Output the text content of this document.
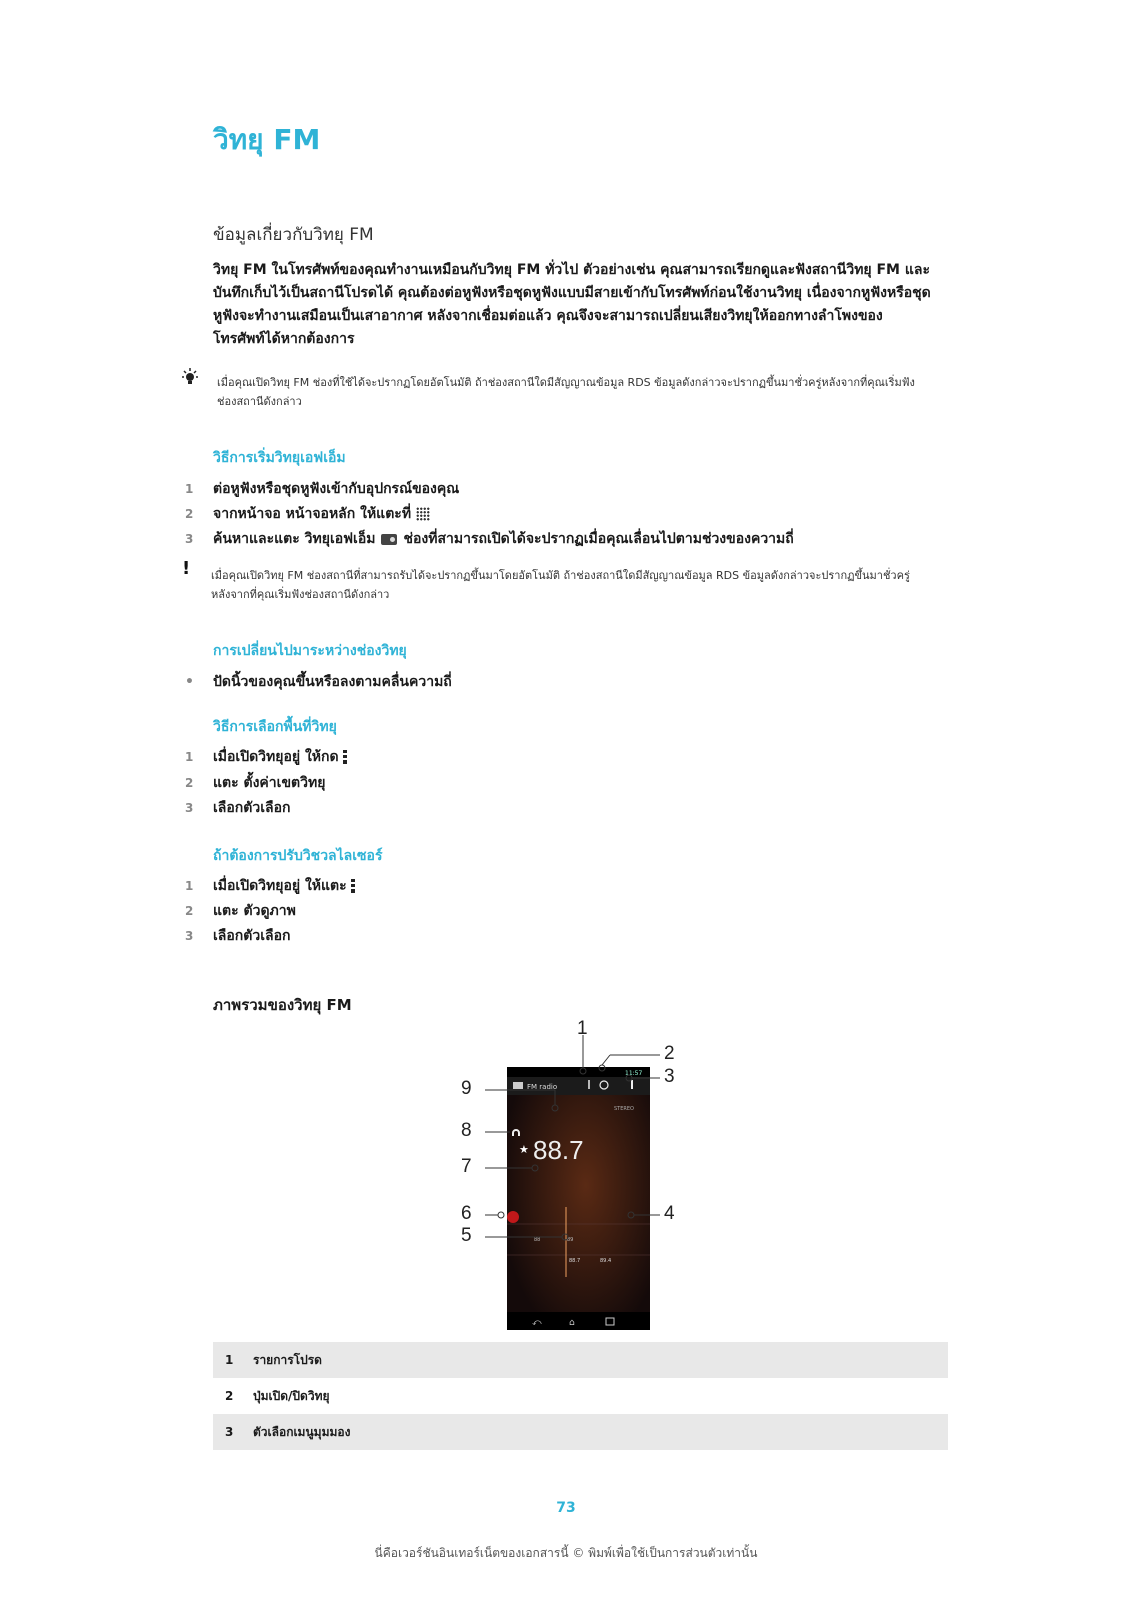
วิทยุ FM
ข้อมูลเกี่ยวกับวิทยุ FM
วิทยุ FM ในโทรศัพท์ของคุณทำงานเหมือนกับวิทยุ FM ทั่วไป ตัวอย่างเช่น คุณสามารถเรียกดูและฟังสถานีวิทยุ FM และบันทึกเก็บไว้เป็นสถานีโปรดได้ คุณต้องต่อหูฟังหรือชุดหูฟังแบบมีสายเข้ากับโทรศัพท์ก่อนใช้งานวิทยุ เนื่องจากหูฟังหรือชุดหูฟังจะทำงานเสมือนเป็นเสาอากาศ หลังจากเชื่อมต่อแล้ว คุณจึงจะสามารถเปลี่ยนเสียงวิทยุให้ออกทางลำโพงของโทรศัพท์ได้หากต้องการ
เมื่อคุณเปิดวิทยุ FM ช่องที่ใช้ได้จะปรากฏโดยอัตโนมัติ ถ้าช่องสถานีใดมีสัญญาณข้อมูล RDS ข้อมูลดังกล่าวจะปรากฏขึ้นมาชั่วครู่หลังจากที่คุณเริ่มฟังช่องสถานีดังกล่าว
วิธีการเริ่มวิทยุเอฟเอ็ม
1	ต่อหูฟังหรือชุดหูฟังเข้ากับอุปกรณ์ของคุณ
2	จากหน้าจอ หน้าจอหลัก ให้แตะที่
3	ค้นหาและแตะ วิทยุเอฟเอ็ม ช่องที่สามารถเปิดได้จะปรากฏเมื่อคุณเลื่อนไปตามช่วงของความถี่
! เมื่อคุณเปิดวิทยุ FM ช่องสถานีที่สามารถรับได้จะปรากฏขึ้นมาโดยอัตโนมัติ ถ้าช่องสถานีใดมีสัญญาณข้อมูล RDS ข้อมูลดังกล่าวจะปรากฏขึ้นมาชั่วครู่หลังจากที่คุณเริ่มฟังช่องสถานีดังกล่าว
การเปลี่ยนไปมาระหว่างช่องวิทยุ
•	ปัดนิ้วของคุณขึ้นหรือลงตามคลื่นความถี่
วิธีการเลือกพื้นที่วิทยุ
1	เมื่อเปิดวิทยุอยู่ ให้กด
2	แตะ ตั้งค่าเขตวิทยุ
3	เลือกตัวเลือก
ถ้าต้องการปรับวิชวลไลเซอร์
1	เมื่อเปิดวิทยุอยู่ ให้แตะ
2	แตะ ตัวดูภาพ
3	เลือกตัวเลือก
ภาพรวมของวิทยุ FM
11:57
FM radio
STEREO
★ 88.7
88	89
88.7	89.4
⤺	⌂
1
2
3
4
5
6
7
8
9
1	รายการโปรด
2	ปุ่มเปิด/ปิดวิทยุ
3	ตัวเลือกเมนูมุมมอง
73
นี่คือเวอร์ชันอินเทอร์เน็ตของเอกสารนี้ © พิมพ์เพื่อใช้เป็นการส่วนตัวเท่านั้น
